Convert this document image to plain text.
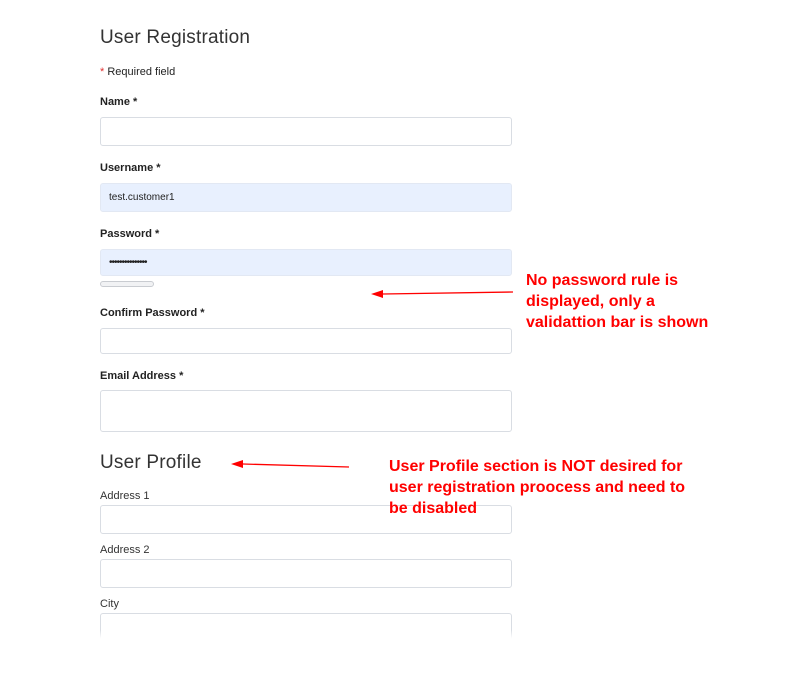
User Registration
* Required field
Name *
Username *
test.customer1
Password *
•••••••••••••••
Confirm Password *
Email Address *
User Profile
Address 1
Address 2
City
No password rule is
displayed, only a
validattion bar is shown
User Profile section is NOT desired for
user registration proocess and need to
be disabled
